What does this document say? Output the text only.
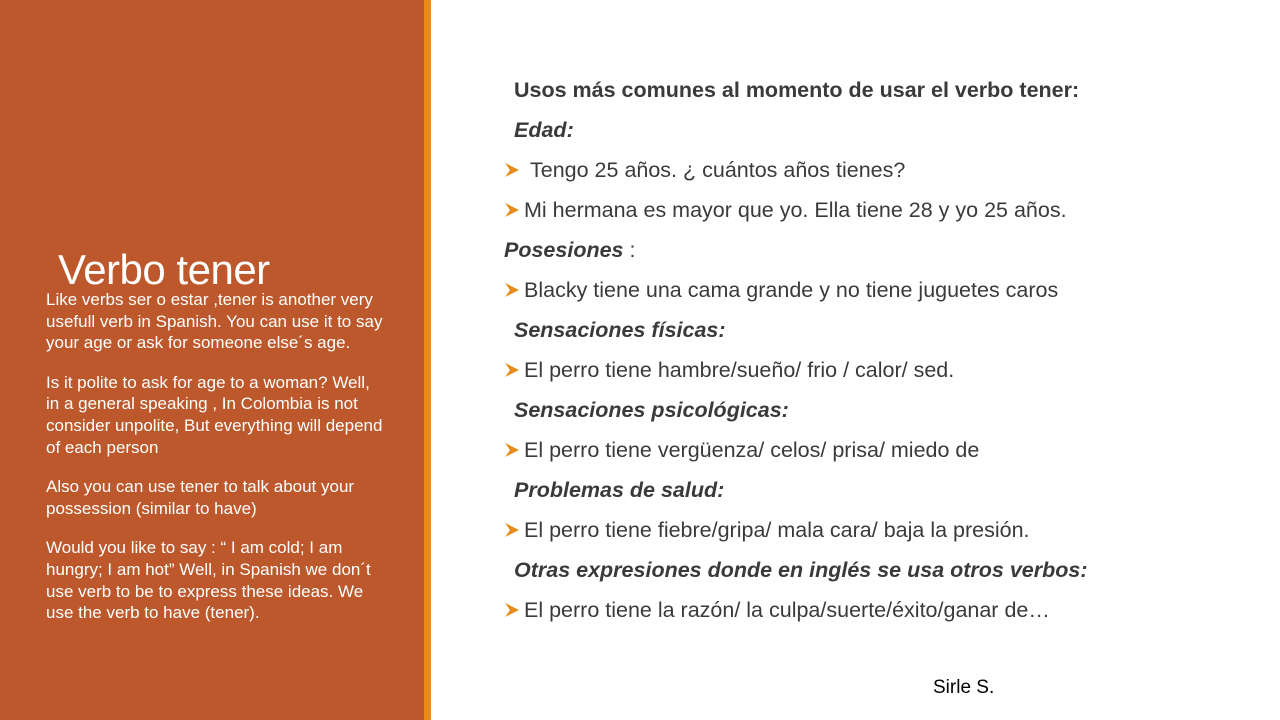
Verbo tener

Like verbs ser o estar ,tener is another very usefull verb in Spanish. You can use it to say your age or ask for someone else´s age.

Is it polite to ask for age to a woman? Well, in a general speaking , In Colombia is not consider unpolite, But everything will depend of each person

Also you can use tener to talk about your possession (similar to have)

Would you like to say : “ I am cold; I am hungry; I am hot” Well, in Spanish we don´t use verb to be to express these ideas. We use the verb to have (tener).

Usos más comunes al momento de usar el verbo tener:
Edad:
Tengo 25 años. ¿ cuántos años tienes?
Mi hermana es mayor que yo. Ella tiene 28 y yo 25 años.
Posesiones :
Blacky tiene una cama grande y no tiene juguetes caros
Sensaciones físicas:
El perro tiene hambre/sueño/ frio / calor/ sed.
Sensaciones psicológicas:
El perro tiene vergüenza/ celos/ prisa/ miedo de
Problemas de salud:
El perro tiene fiebre/gripa/ mala cara/ baja la presión.
Otras expresiones donde en inglés se usa otros verbos:
El perro tiene la razón/ la culpa/suerte/éxito/ganar de…
Sirle S.
